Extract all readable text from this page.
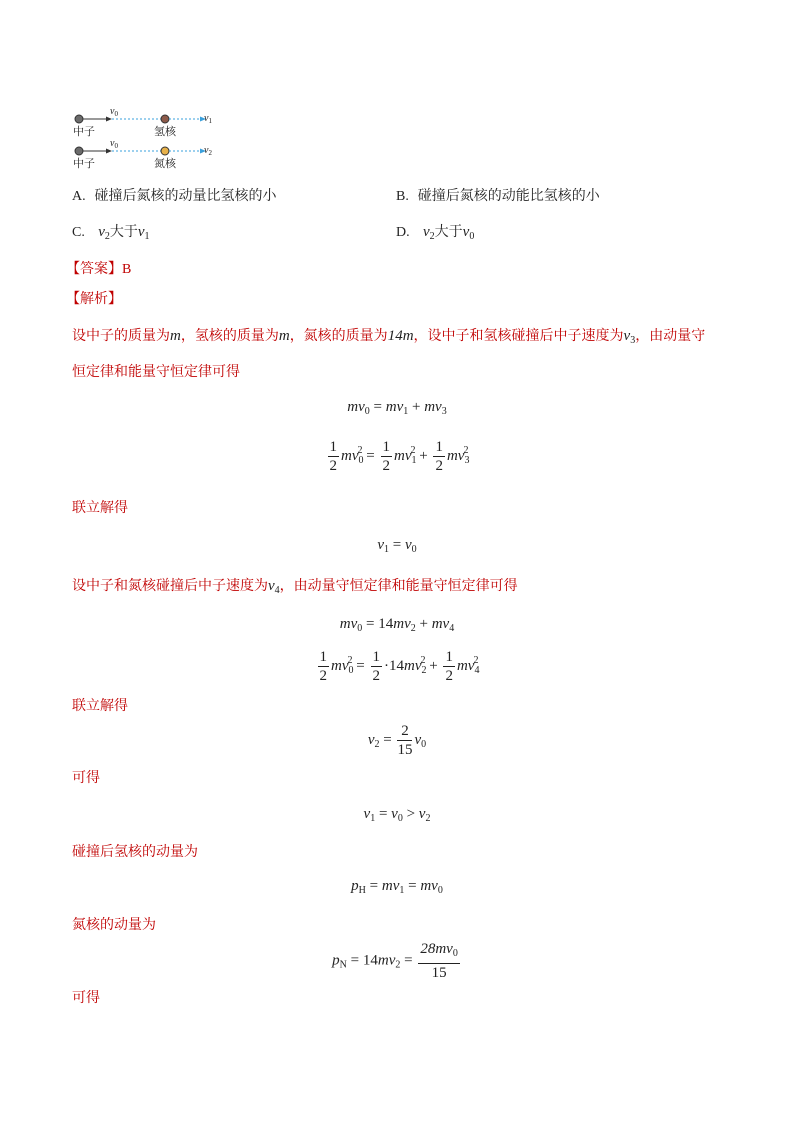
$v_0$	$v_1$
中子	氢核
$v_0$	$v_2$
中子	氮核
A. 碰撞后氮核的动量比氢核的小	B. 碰撞后氮核的动能比氢核的小
C. $v_2$大于$v_1$	D. $v_2$大于$v_0$
【答案】B
【解析】
设中子的质量为m，氢核的质量为m，氮核的质量为14m，设中子和氢核碰撞后中子速度为$v_3$，由动量守
恒定律和能量守恒定律可得
$mv_0 = mv_1 + mv_3$
$\frac{1}{2} mv_0^2 = \frac{1}{2} mv_1^2 + \frac{1}{2} mv_3^2$
联立解得
$v_1 = v_0$
设中子和氮核碰撞后中子速度为$v_4$，由动量守恒定律和能量守恒定律可得
$mv_0 = 14mv_2 + mv_4$
$\frac{1}{2} mv_0^2 = \frac{1}{2} \cdot 14mv_2^2 + \frac{1}{2} mv_4^2$
联立解得
$v_2 = \frac{2}{15} v_0$
可得
$v_1 = v_0 > v_2$
碰撞后氢核的动量为
$p_H = mv_1 = mv_0$
氮核的动量为
$p_N = 14mv_2 = \frac{28mv_0}{15}$
可得
